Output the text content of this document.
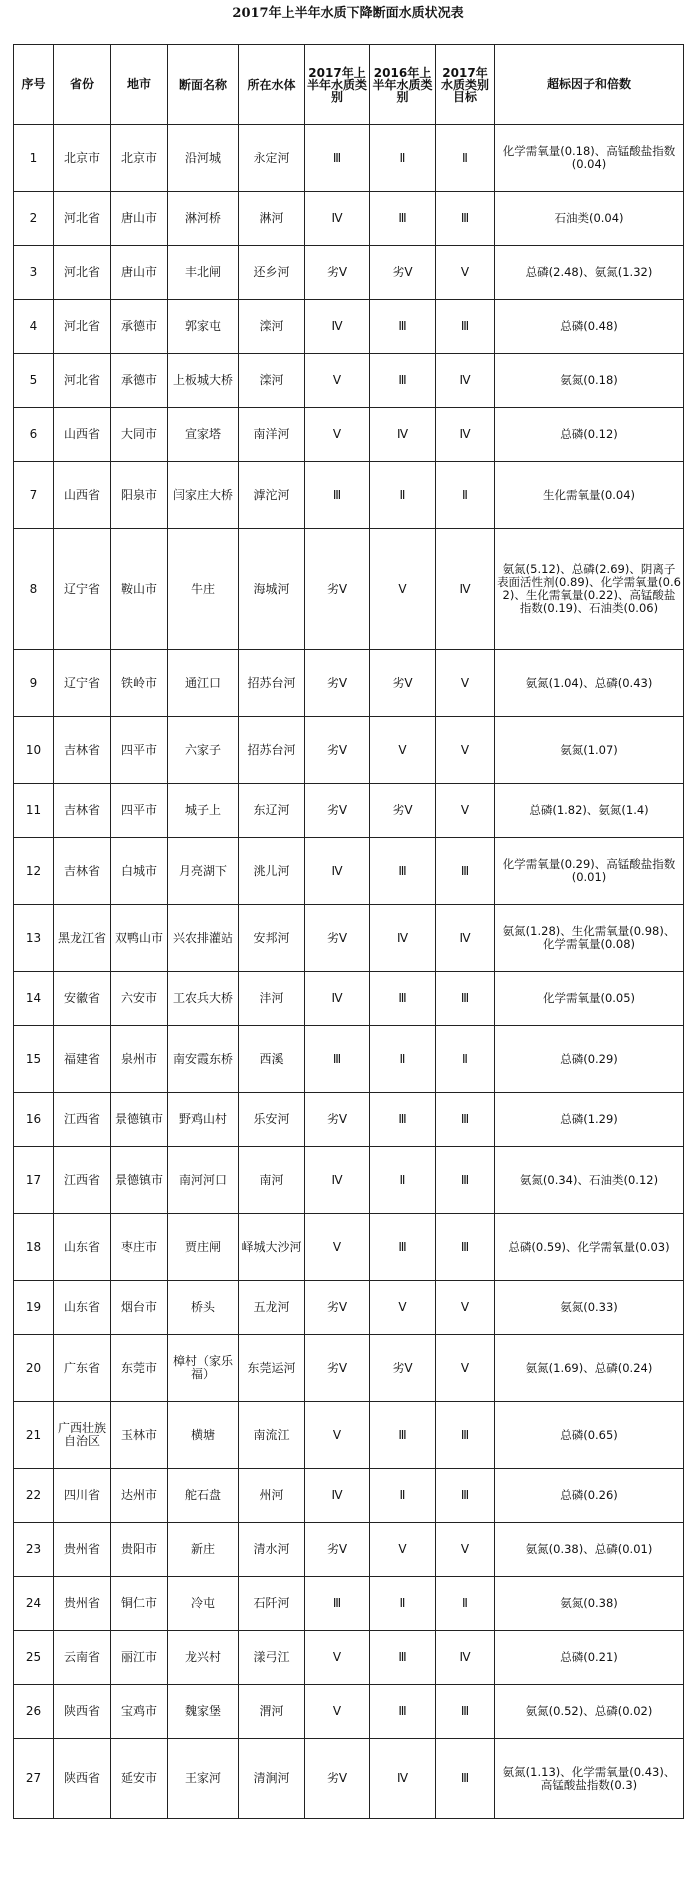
2017年上半年水质下降断面水质状况表
序号	省份	地市	断面名称	所在水体	2017年上半年水质类别	2016年上半年水质类别	2017年水质类别目标	超标因子和倍数
1	北京市	北京市	沿河城	永定河	Ⅲ	Ⅱ	Ⅱ	化学需氧量(0.18)、高锰酸盐指数(0.04)
2	河北省	唐山市	淋河桥	淋河	Ⅳ	Ⅲ	Ⅲ	石油类(0.04)
3	河北省	唐山市	丰北闸	还乡河	劣Ⅴ	劣Ⅴ	Ⅴ	总磷(2.48)、氨氮(1.32)
4	河北省	承德市	郭家屯	滦河	Ⅳ	Ⅲ	Ⅲ	总磷(0.48)
5	河北省	承德市	上板城大桥	滦河	Ⅴ	Ⅲ	Ⅳ	氨氮(0.18)
6	山西省	大同市	宣家塔	南洋河	Ⅴ	Ⅳ	Ⅳ	总磷(0.12)
7	山西省	阳泉市	闫家庄大桥	滹沱河	Ⅲ	Ⅱ	Ⅱ	生化需氧量(0.04)
8	辽宁省	鞍山市	牛庄	海城河	劣Ⅴ	Ⅴ	Ⅳ	氨氮(5.12)、总磷(2.69)、阴离子表面活性剂(0.89)、化学需氧量(0.62)、生化需氧量(0.22)、高锰酸盐指数(0.19)、石油类(0.06)
9	辽宁省	铁岭市	通江口	招苏台河	劣Ⅴ	劣Ⅴ	Ⅴ	氨氮(1.04)、总磷(0.43)
10	吉林省	四平市	六家子	招苏台河	劣Ⅴ	Ⅴ	Ⅴ	氨氮(1.07)
11	吉林省	四平市	城子上	东辽河	劣Ⅴ	劣Ⅴ	Ⅴ	总磷(1.82)、氨氮(1.4)
12	吉林省	白城市	月亮湖下	洮儿河	Ⅳ	Ⅲ	Ⅲ	化学需氧量(0.29)、高锰酸盐指数(0.01)
13	黑龙江省	双鸭山市	兴农排灌站	安邦河	劣Ⅴ	Ⅳ	Ⅳ	氨氮(1.28)、生化需氧量(0.98)、化学需氧量(0.08)
14	安徽省	六安市	工农兵大桥	沣河	Ⅳ	Ⅲ	Ⅲ	化学需氧量(0.05)
15	福建省	泉州市	南安霞东桥	西溪	Ⅲ	Ⅱ	Ⅱ	总磷(0.29)
16	江西省	景德镇市	野鸡山村	乐安河	劣Ⅴ	Ⅲ	Ⅲ	总磷(1.29)
17	江西省	景德镇市	南河河口	南河	Ⅳ	Ⅱ	Ⅲ	氨氮(0.34)、石油类(0.12)
18	山东省	枣庄市	贾庄闸	峄城大沙河	Ⅴ	Ⅲ	Ⅲ	总磷(0.59)、化学需氧量(0.03)
19	山东省	烟台市	桥头	五龙河	劣Ⅴ	Ⅴ	Ⅴ	氨氮(0.33)
20	广东省	东莞市	樟村（家乐福）	东莞运河	劣Ⅴ	劣Ⅴ	Ⅴ	氨氮(1.69)、总磷(0.24)
21	广西壮族自治区	玉林市	横塘	南流江	Ⅴ	Ⅲ	Ⅲ	总磷(0.65)
22	四川省	达州市	舵石盘	州河	Ⅳ	Ⅱ	Ⅲ	总磷(0.26)
23	贵州省	贵阳市	新庄	清水河	劣Ⅴ	Ⅴ	Ⅴ	氨氮(0.38)、总磷(0.01)
24	贵州省	铜仁市	冷屯	石阡河	Ⅲ	Ⅱ	Ⅱ	氨氮(0.38)
25	云南省	丽江市	龙兴村	漾弓江	Ⅴ	Ⅲ	Ⅳ	总磷(0.21)
26	陕西省	宝鸡市	魏家堡	渭河	Ⅴ	Ⅲ	Ⅲ	氨氮(0.52)、总磷(0.02)
27	陕西省	延安市	王家河	清涧河	劣Ⅴ	Ⅳ	Ⅲ	氨氮(1.13)、化学需氧量(0.43)、高锰酸盐指数(0.3)
